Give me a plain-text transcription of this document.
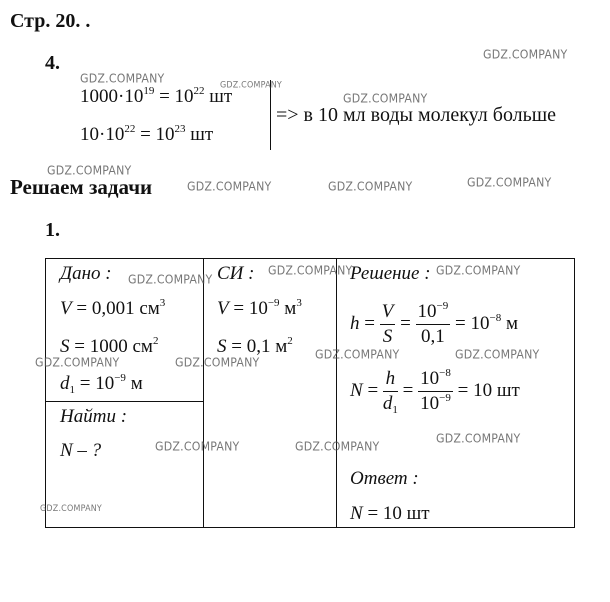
Стр. 20. .
4.
$1000\cdot 10^{19} = 10^{22}$ шт
$10\cdot 10^{22} = 10^{23}$ шт
=> в 10 мл воды молекул больше
Решаем задачи
1.
Дано :
V = 0,001 $см^3$
S = 1000 $см^2$
$d_1 = 10^{-9}$ м
Найти :
N – ?
СИ :
$V = 10^{-9}$ $м^3$
S = 0,1 $м^2$
Решение :
$h = \frac{V}{S} = \frac{10^{-9}}{0,1} = 10^{-8}$ м
$N = \frac{h}{d_1} = \frac{10^{-8}}{10^{-9}} = 10$ шт
Ответ :
N = 10 шт
GDZ.COMPANY
GDZ.COMPANY	GDZ.COMPANY
GDZ.COMPANY
GDZ.COMPANY
GDZ.COMPANY	GDZ.COMPANY	GDZ.COMPANY
GDZ.COMPANY
GDZ.COMPANY	GDZ.COMPANY
GDZ.COMPANY	GDZ.COMPANY
GDZ.COMPANY	GDZ.COMPANY
GDZ.COMPANY	GDZ.COMPANY
GDZ.COMPANY
GDZ.COMPANY
